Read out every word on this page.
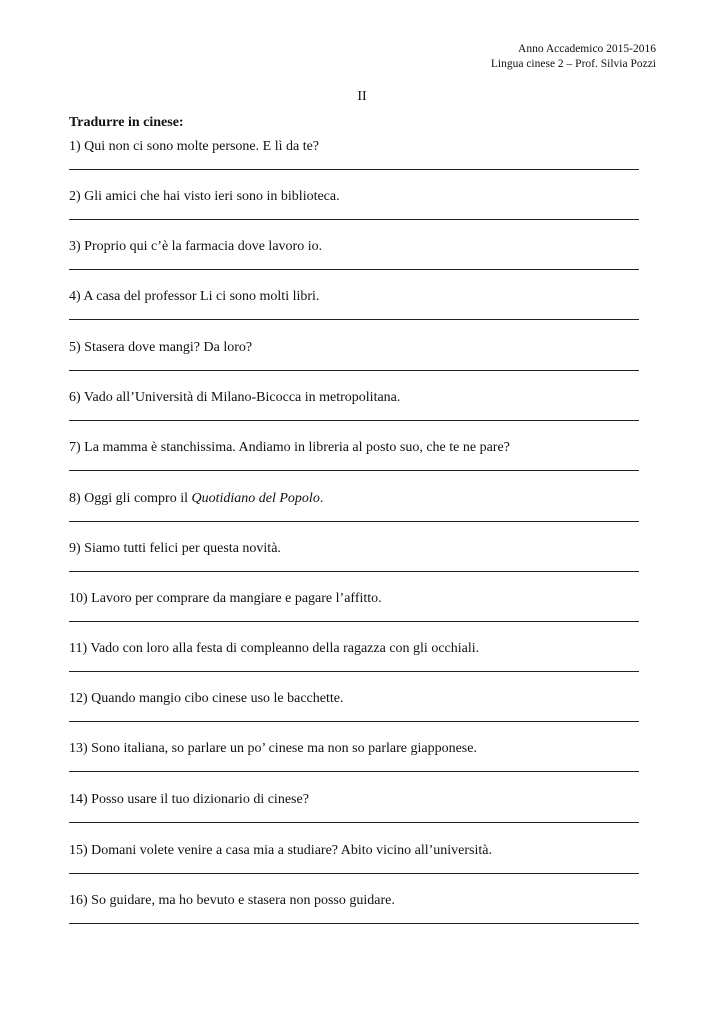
Anno Accademico 2015-2016
Lingua cinese 2 – Prof. Silvia Pozzi
II
Tradurre in cinese:
1) Qui non ci sono molte persone. E lì da te?
2) Gli amici che hai visto ieri sono in biblioteca.
3) Proprio qui c’è la farmacia dove lavoro io.
4) A casa del professor Li ci sono molti libri.
5) Stasera dove mangi? Da loro?
6) Vado all’Università di Milano-Bicocca in metropolitana.
7) La mamma è stanchissima. Andiamo in libreria al posto suo, che te ne pare?
8) Oggi gli compro il Quotidiano del Popolo.
9) Siamo tutti felici per questa novità.
10) Lavoro per comprare da mangiare e pagare l’affitto.
11) Vado con loro alla festa di compleanno della ragazza con gli occhiali.
12) Quando mangio cibo cinese uso le bacchette.
13) Sono italiana, so parlare un po’ cinese ma non so parlare giapponese.
14) Posso usare il tuo dizionario di cinese?
15) Domani volete venire a casa mia a studiare? Abito vicino all’università.
16) So guidare, ma ho bevuto e stasera non posso guidare.
